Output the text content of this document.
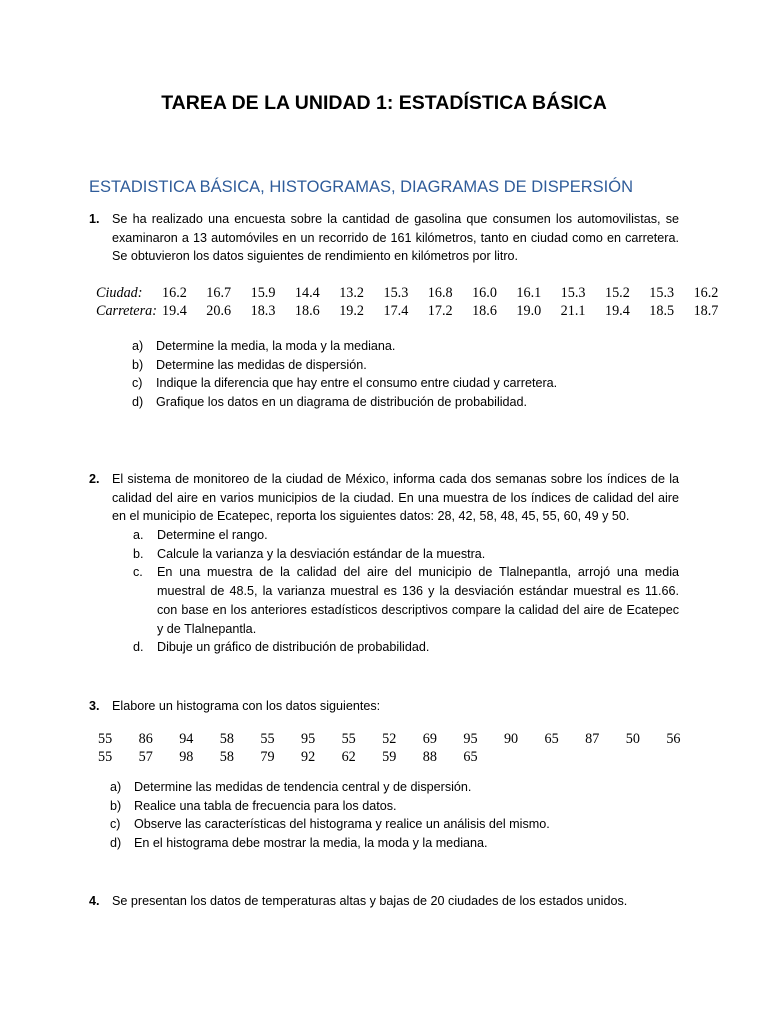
TAREA DE LA UNIDAD 1: ESTADÍSTICA BÁSICA
ESTADISTICA BÁSICA, HISTOGRAMAS, DIAGRAMAS DE DISPERSIÓN
1. Se ha realizado una encuesta sobre la cantidad de gasolina que consumen los automovilistas, se examinaron a 13 automóviles en un recorrido de 161 kilómetros, tanto en ciudad como en carretera. Se obtuvieron los datos siguientes de rendimiento en kilómetros por litro.
Ciudad:	16.2	16.7	15.9	14.4	13.2	15.3	16.8	16.0	16.1	15.3	15.2	15.3	16.2
Carretera:	19.4	20.6	18.3	18.6	19.2	17.4	17.2	18.6	19.0	21.1	19.4	18.5	18.7
a) Determine la media, la moda y la mediana.
b) Determine las medidas de dispersión.
c) Indique la diferencia que hay entre el consumo entre ciudad y carretera.
d) Grafique los datos en un diagrama de distribución de probabilidad.
2. El sistema de monitoreo de la ciudad de México, informa cada dos semanas sobre los índices de la calidad del aire en varios municipios de la ciudad. En una muestra de los índices de calidad del aire en el municipio de Ecatepec, reporta los siguientes datos: 28, 42, 58, 48, 45, 55, 60, 49 y 50.
a. Determine el rango.
b. Calcule la varianza y la desviación estándar de la muestra.
c. En una muestra de la calidad del aire del municipio de Tlalnepantla, arrojó una media muestral de 48.5, la varianza muestral es 136 y la desviación estándar muestral es 11.66. con base en los anteriores estadísticos descriptivos compare la calidad del aire de Ecatepec y de Tlalnepantla.
d. Dibuje un gráfico de distribución de probabilidad.
3. Elabore un histograma con los datos siguientes:
55	86	94	58	55	95	55	52	69	95	90	65	87	50	56
55	57	98	58	79	92	62	59	88	65					
a) Determine las medidas de tendencia central y de dispersión.
b) Realice una tabla de frecuencia para los datos.
c) Observe las características del histograma y realice un análisis del mismo.
d) En el histograma debe mostrar la media, la moda y la mediana.
4. Se presentan los datos de temperaturas altas y bajas de 20 ciudades de los estados unidos.
